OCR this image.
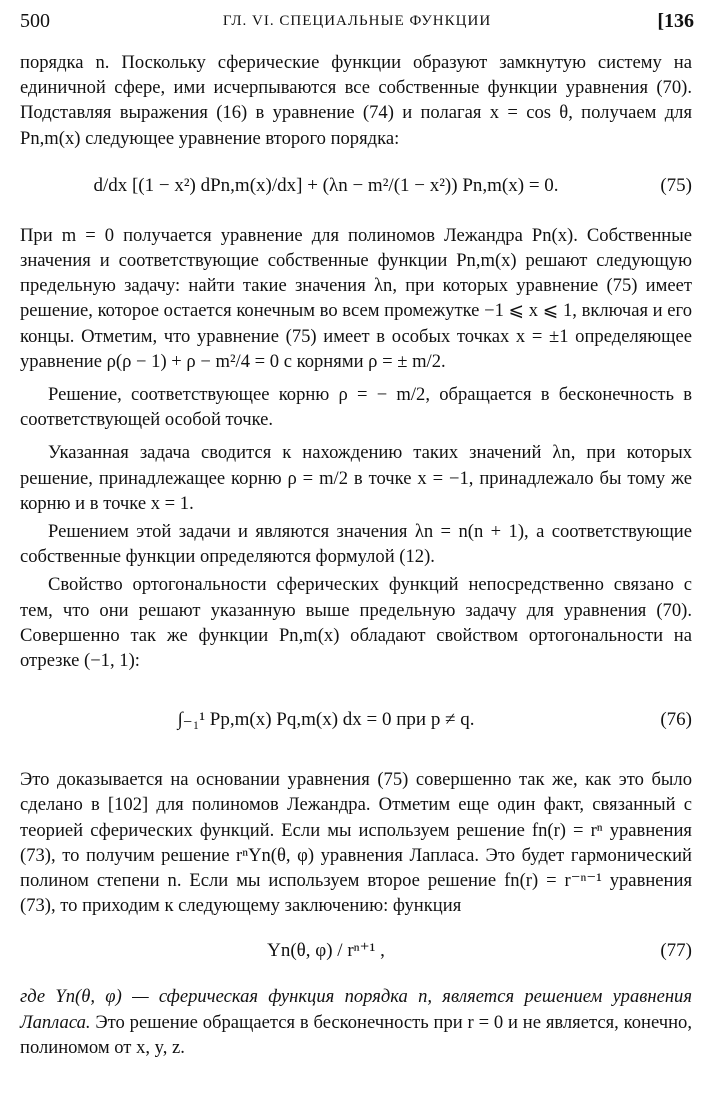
500	ГЛ. VI. СПЕЦИАЛЬНЫЕ ФУНКЦИИ	[136

порядка n. Поскольку сферические функции образуют замкнутую систему на единичной сфере, ими исчерпываются все собственные функции уравнения (70). Подставляя выражения (16) в уравнение (74) и полагая x = cos θ, получаем для Pn,m(x) следующее уравнение второго порядка:

d/dx [(1 − x²) dPn,m(x)/dx] + (λn − m²/(1 − x²)) Pn,m(x) = 0.	(75)

При m = 0 получается уравнение для полиномов Лежандра Pn(x). Собственные значения и соответствующие собственные функции Pn,m(x) решают следующую предельную задачу: найти такие значения λn, при которых уравнение (75) имеет решение, которое остается конечным во всем промежутке −1 ⩽ x ⩽ 1, включая и его концы. Отметим, что уравнение (75) имеет в особых точках x = ±1 определяющее уравнение ρ(ρ − 1) + ρ − m²/4 = 0 с корнями ρ = ± m/2.

Решение, соответствующее корню ρ = − m/2, обращается в бесконечность в соответствующей особой точке.

Указанная задача сводится к нахождению таких значений λn, при которых решение, принадлежащее корню ρ = m/2 в точке x = −1, принадлежало бы тому же корню и в точке x = 1.

Решением этой задачи и являются значения λn = n(n + 1), а соответствующие собственные функции определяются формулой (12).

Свойство ортогональности сферических функций непосредственно связано с тем, что они решают указанную выше предельную задачу для уравнения (70). Совершенно так же функции Pn,m(x) обладают свойством ортогональности на отрезке (−1, 1):

∫₋₁¹ Pp,m(x) Pq,m(x) dx = 0 при p ≠ q.	(76)

Это доказывается на основании уравнения (75) совершенно так же, как это было сделано в [102] для полиномов Лежандра. Отметим еще один факт, связанный с теорией сферических функций. Если мы используем решение fn(r) = rⁿ уравнения (73), то получим решение rⁿYn(θ, φ) уравнения Лапласа. Это будет гармонический полином степени n. Если мы используем второе решение fn(r) = r⁻ⁿ⁻¹ уравнения (73), то приходим к следующему заключению: функция

Yn(θ, φ) / rⁿ⁺¹ ,	(77)

где Yn(θ, φ) — сферическая функция порядка n, является решением уравнения Лапласа. Это решение обращается в бесконечность при r = 0 и не является, конечно, полиномом от x, y, z.
